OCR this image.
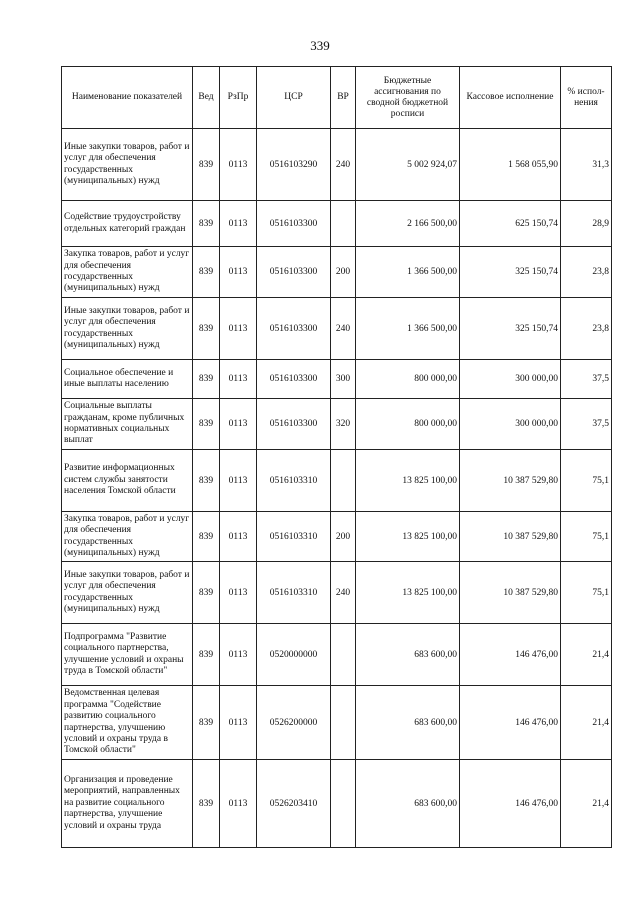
339
Наименование показателей	Вед	РзПр	ЦСР	ВР	Бюджетные ассигнования по сводной бюджетной росписи	Кассовое исполнение	% испол-нения
Иные закупки товаров, работ и услуг для обеспечения государственных (муниципальных) нужд	839	0113	0516103290	240	5 002 924,07	1 568 055,90	31,3
Содействие трудоустройству отдельных категорий граждан	839	0113	0516103300		2 166 500,00	625 150,74	28,9
Закупка товаров, работ и услуг для обеспечения государственных (муниципальных) нужд	839	0113	0516103300	200	1 366 500,00	325 150,74	23,8
Иные закупки товаров, работ и услуг для обеспечения государственных (муниципальных) нужд	839	0113	0516103300	240	1 366 500,00	325 150,74	23,8
Социальное обеспечение и иные выплаты населению	839	0113	0516103300	300	800 000,00	300 000,00	37,5
Социальные выплаты гражданам, кроме публичных нормативных социальных выплат	839	0113	0516103300	320	800 000,00	300 000,00	37,5
Развитие информационных систем службы занятости населения Томской области	839	0113	0516103310		13 825 100,00	10 387 529,80	75,1
Закупка товаров, работ и услуг для обеспечения государственных (муниципальных) нужд	839	0113	0516103310	200	13 825 100,00	10 387 529,80	75,1
Иные закупки товаров, работ и услуг для обеспечения государственных (муниципальных) нужд	839	0113	0516103310	240	13 825 100,00	10 387 529,80	75,1
Подпрограмма "Развитие социального партнерства, улучшение условий и охраны труда в Томской области"	839	0113	0520000000		683 600,00	146 476,00	21,4
Ведомственная целевая программа "Содействие развитию социального партнерства, улучшению условий и охраны труда в Томской области"	839	0113	0526200000		683 600,00	146 476,00	21,4
Организация и проведение мероприятий, направленных на развитие социального партнерства, улучшение условий и охраны труда	839	0113	0526203410		683 600,00	146 476,00	21,4
